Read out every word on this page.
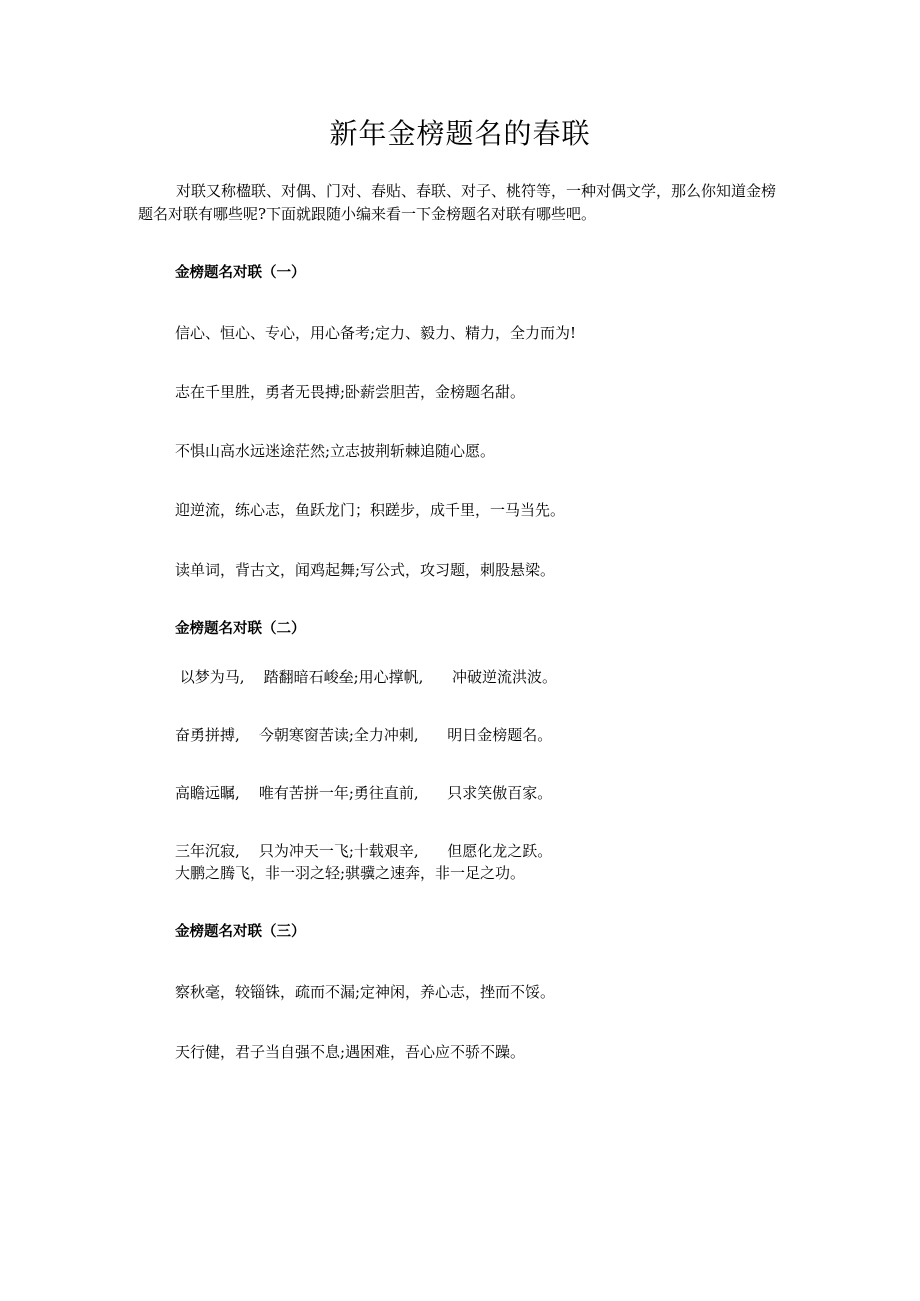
新年金榜题名的春联

对联又称楹联、对偶、门对、春贴、春联、对子、桃符等，一种对偶文学，那么你知道金榜题名对联有哪些呢?下面就跟随小编来看一下金榜题名对联有哪些吧。

金榜题名对联（一）

信心、恒心、专心，用心备考;定力、毅力、精力，全力而为!

志在千里胜，勇者无畏搏;卧薪尝胆苦，金榜题名甜。

不惧山高水远迷途茫然;立志披荆斩棘追随心愿。

迎逆流，练心志，鱼跃龙门；积蹉步，成千里，一马当先。

读单词，背古文，闻鸡起舞;写公式，攻习题，刺股悬梁。

金榜题名对联（二）

以梦为马,    踏翻暗石峻垒;用心撑帆,      冲破逆流洪波。

奋勇拼搏,    今朝寒窗苦读;全力冲刺,      明日金榜题名。

高瞻远瞩,    唯有苦拼一年;勇往直前,      只求笑傲百家。

三年沉寂,    只为冲天一飞;十载艰辛,      但愿化龙之跃。

大鹏之腾飞，非一羽之轻;骐骥之速奔，非一足之功。

金榜题名对联（三）

察秋毫，较锱铢，疏而不漏;定神闲，养心志，挫而不馁。

天行健，君子当自强不息;遇困难，吾心应不骄不躁。
